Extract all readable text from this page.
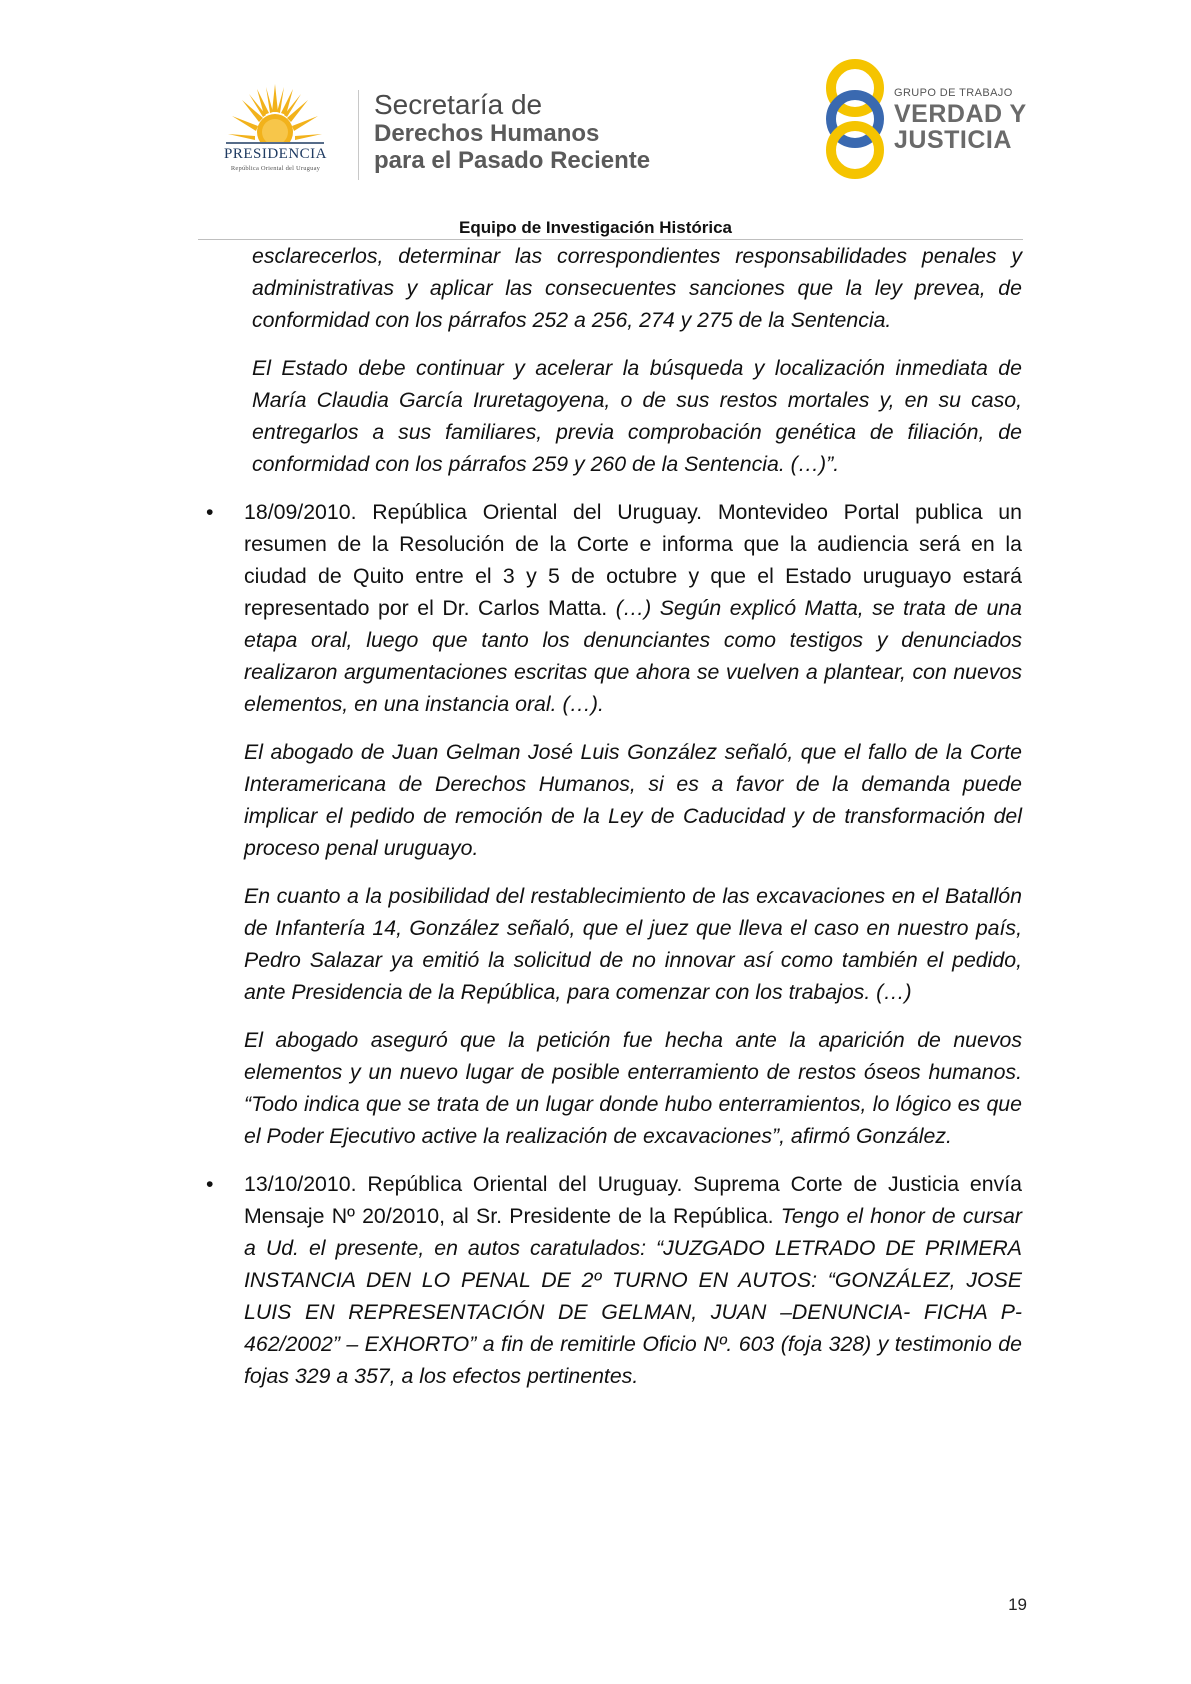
PRESIDENCIA
República Oriental del Uruguay
Secretaría de
Derechos Humanos
para el Pasado Reciente
GRUPO DE TRABAJO
VERDAD Y
JUSTICIA
Equipo de Investigación Histórica

esclarecerlos, determinar las correspondientes responsabilidades penales y administrativas y aplicar las consecuentes sanciones que la ley prevea, de conformidad con los párrafos 252 a 256, 274 y 275 de la Sentencia.

El Estado debe continuar y acelerar la búsqueda y localización inmediata de María Claudia García Iruretagoyena, o de sus restos mortales y, en su caso, entregarlos a sus familiares, previa comprobación genética de filiación, de conformidad con los párrafos 259 y 260 de la Sentencia. (…)”.

• 18/09/2010. República Oriental del Uruguay. Montevideo Portal publica un resumen de la Resolución de la Corte e informa que la audiencia será en la ciudad de Quito entre el 3 y 5 de octubre y que el Estado uruguayo estará representado por el Dr. Carlos Matta. (…) Según explicó Matta, se trata de una etapa oral, luego que tanto los denunciantes como testigos y denunciados realizaron argumentaciones escritas que ahora se vuelven a plantear, con nuevos elementos, en una instancia oral. (…).

El abogado de Juan Gelman José Luis González señaló, que el fallo de la Corte Interamericana de Derechos Humanos, si es a favor de la demanda puede implicar el pedido de remoción de la Ley de Caducidad y de transformación del proceso penal uruguayo.

En cuanto a la posibilidad del restablecimiento de las excavaciones en el Batallón de Infantería 14, González señaló, que el juez que lleva el caso en nuestro país, Pedro Salazar ya emitió la solicitud de no innovar así como también el pedido, ante Presidencia de la República, para comenzar con los trabajos. (…)

El abogado aseguró que la petición fue hecha ante la aparición de nuevos elementos y un nuevo lugar de posible enterramiento de restos óseos humanos. “Todo indica que se trata de un lugar donde hubo enterramientos, lo lógico es que el Poder Ejecutivo active la realización de excavaciones”, afirmó González.

• 13/10/2010. República Oriental del Uruguay. Suprema Corte de Justicia envía Mensaje Nº 20/2010, al Sr. Presidente de la República. Tengo el honor de cursar a Ud. el presente, en autos caratulados: “JUZGADO LETRADO DE PRIMERA INSTANCIA DEN LO PENAL DE 2º TURNO EN AUTOS: “GONZÁLEZ, JOSE LUIS EN REPRESENTACIÓN DE GELMAN, JUAN –DENUNCIA- FICHA P- 462/2002” – EXHORTO” a fin de remitirle Oficio Nº. 603 (foja 328) y testimonio de fojas 329 a 357, a los efectos pertinentes.
19
